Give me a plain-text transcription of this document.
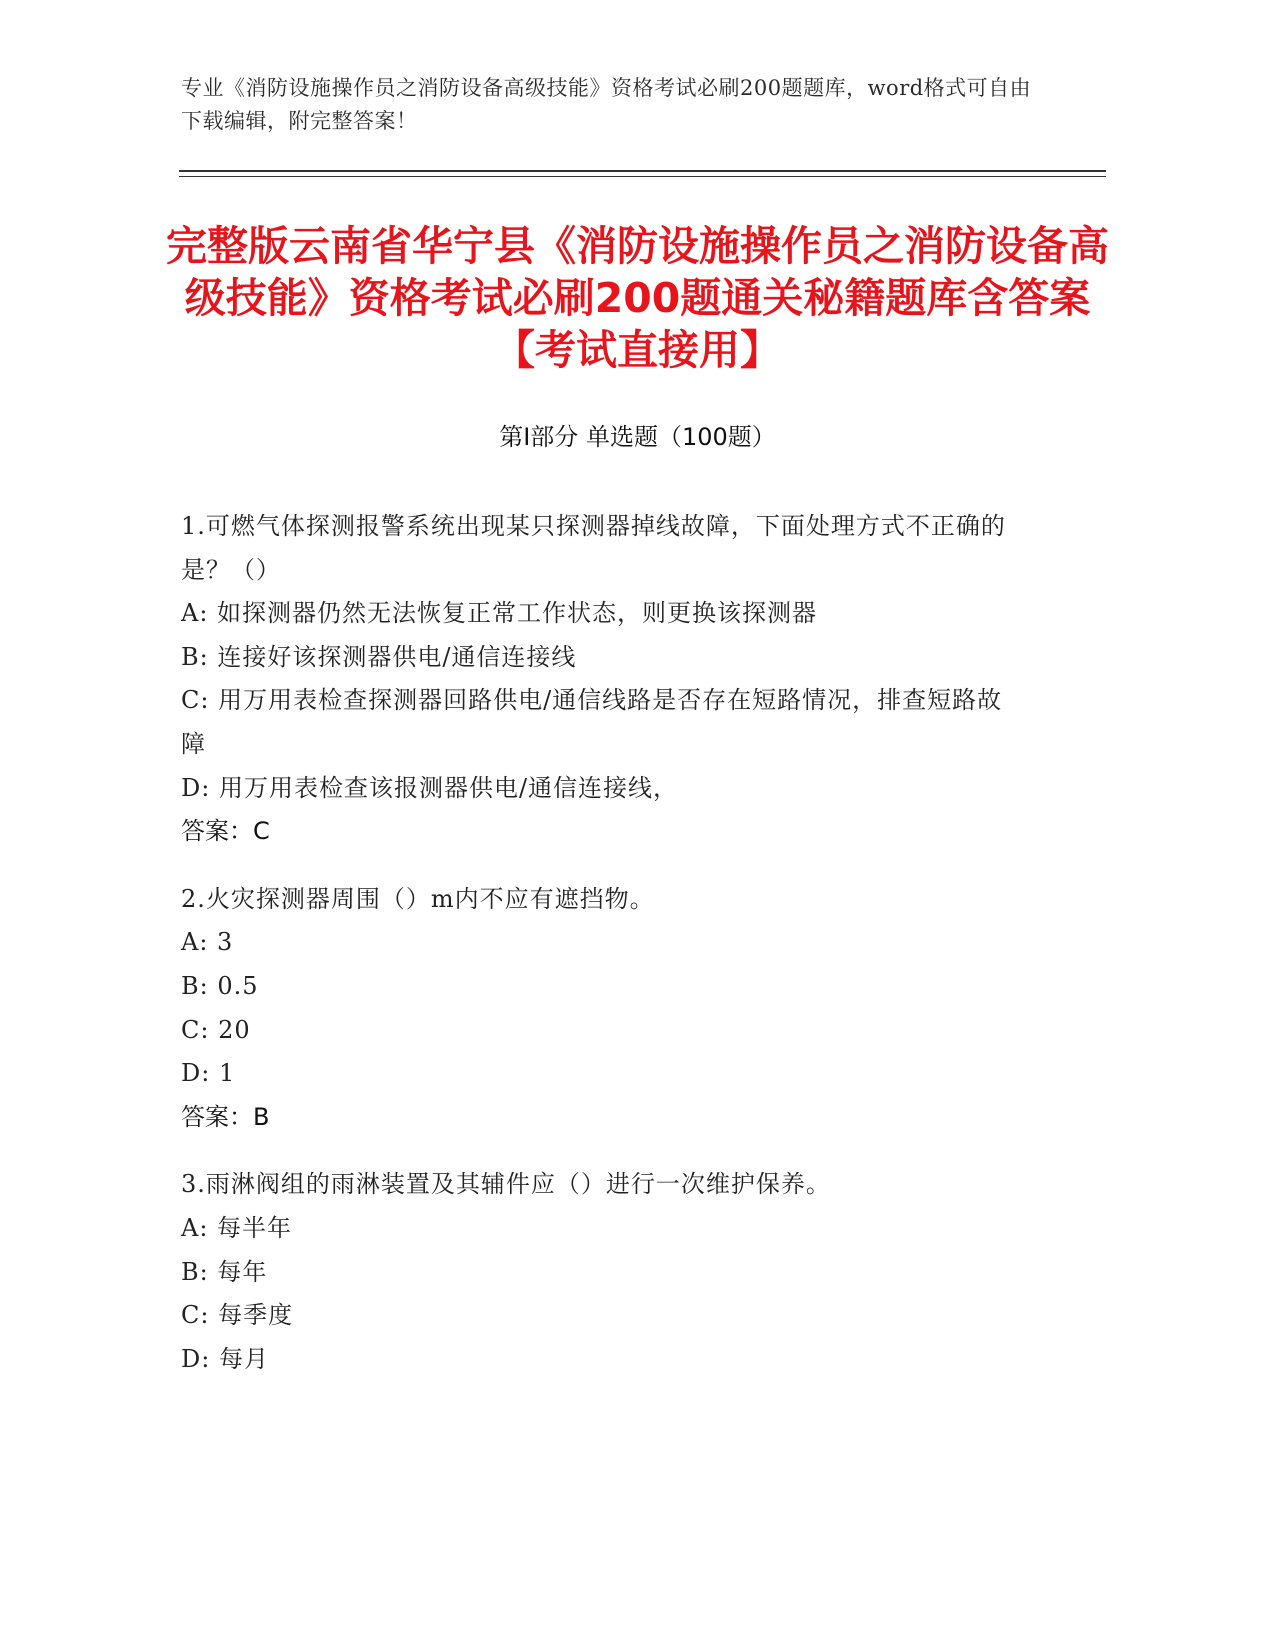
专业《消防设施操作员之消防设备高级技能》资格考试必刷200题题库，word格式可自由下载编辑，附完整答案！
完整版云南省华宁县《消防设施操作员之消防设备高级技能》资格考试必刷200题通关秘籍题库含答案【考试直接用】
第I部分 单选题（100题）
1.可燃气体探测报警系统出现某只探测器掉线故障，下面处理方式不正确的是？（）
A: 如探测器仍然无法恢复正常工作状态，则更换该探测器
B: 连接好该探测器供电/通信连接线
C: 用万用表检查探测器回路供电/通信线路是否存在短路情况，排查短路故障
D: 用万用表检查该报测器供电/通信连接线，
答案：C
2.火灾探测器周围（）m内不应有遮挡物。
A: 3
B: 0.5
C: 20
D: 1
答案：B
3.雨淋阀组的雨淋装置及其辅件应（）进行一次维护保养。
A: 每半年
B: 每年
C: 每季度
D: 每月
